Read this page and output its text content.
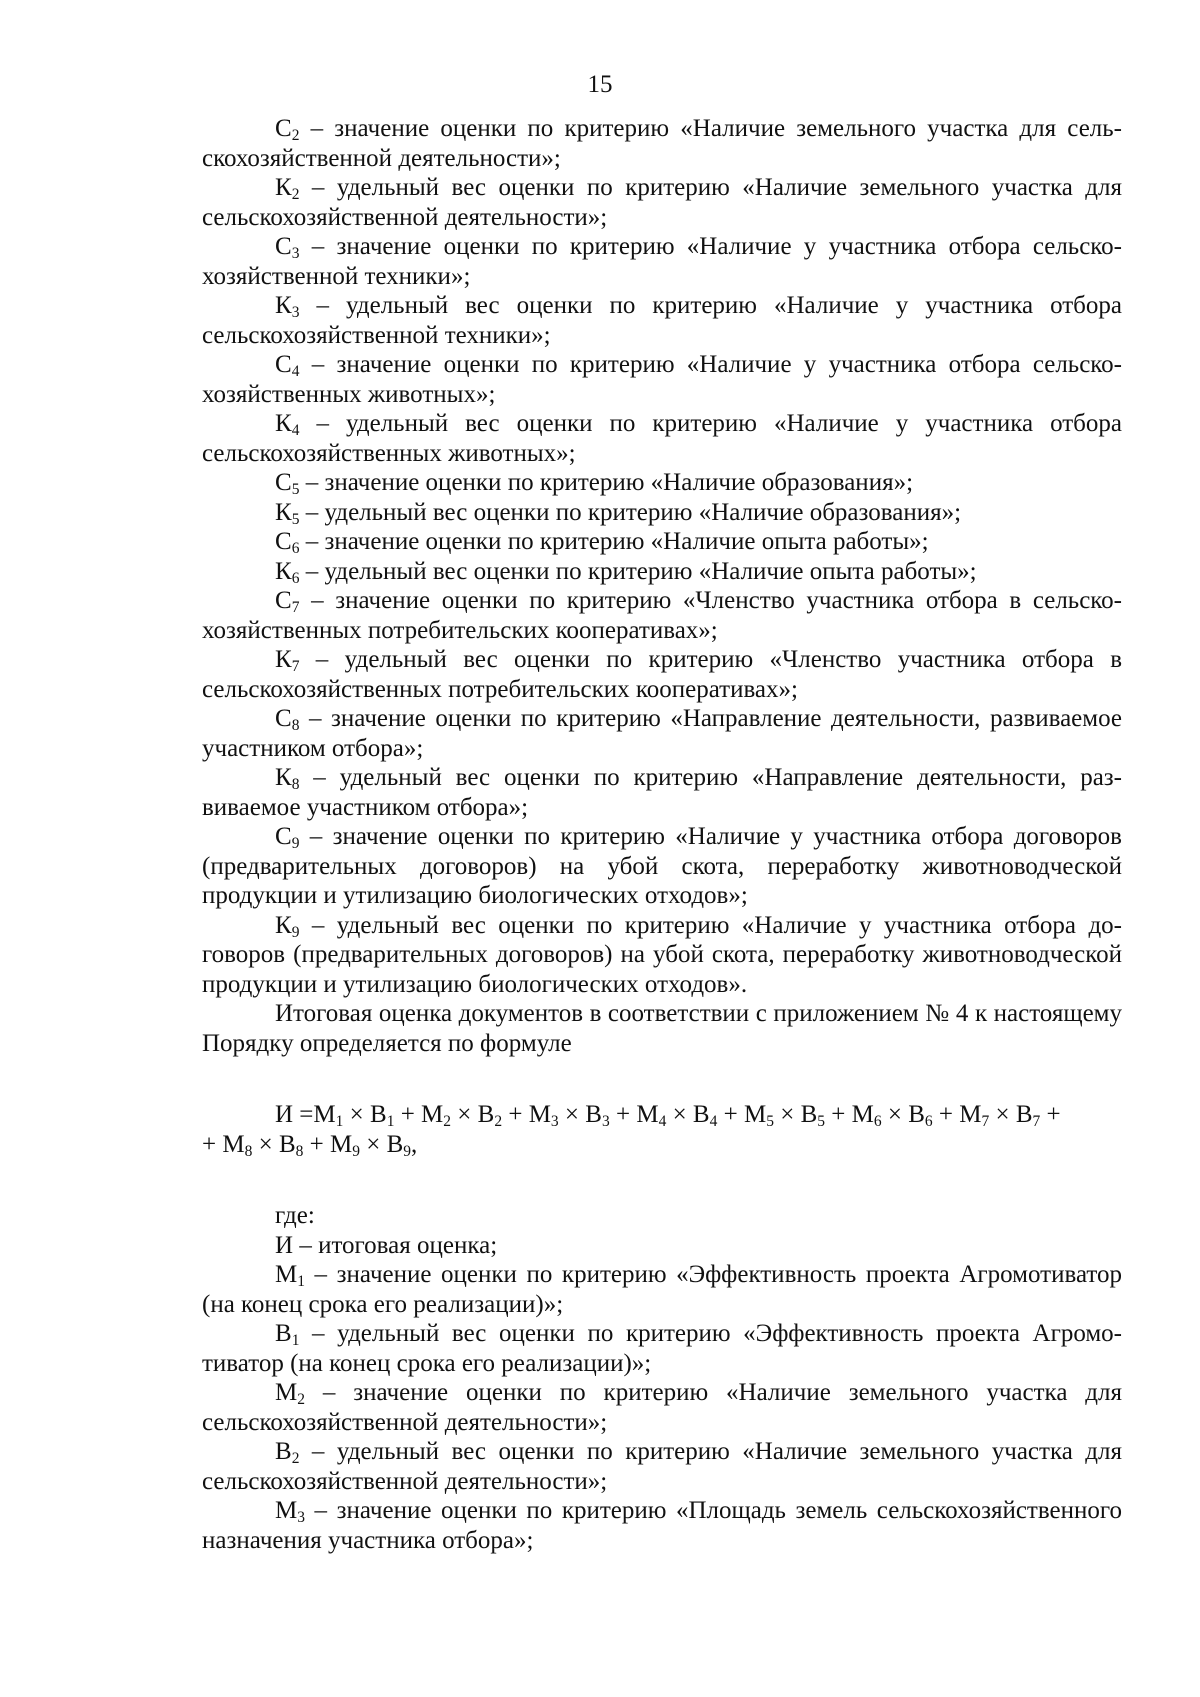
15

$С_2$ – значение оценки по критерию «Наличие земельного участка для сельскохозяйственной деятельности»;

$К_2$ – удельный вес оценки по критерию «Наличие земельного участка для сельскохозяйственной деятельности»;

$С_3$ – значение оценки по критерию «Наличие у участника отбора сельскохозяйственной техники»;

$К_3$ – удельный вес оценки по критерию «Наличие у участника отбора сельскохозяйственной техники»;

$С_4$ – значение оценки по критерию «Наличие у участника отбора сельскохозяйственных животных»;

$К_4$ – удельный вес оценки по критерию «Наличие у участника отбора сельскохозяйственных животных»;

$С_5$ – значение оценки по критерию «Наличие образования»;

$К_5$ – удельный вес оценки по критерию «Наличие образования»;

$С_6$ – значение оценки по критерию «Наличие опыта работы»;

$К_6$ – удельный вес оценки по критерию «Наличие опыта работы»;

$С_7$ – значение оценки по критерию «Членство участника отбора в сельскохозяйственных потребительских кооперативах»;

$К_7$ – удельный вес оценки по критерию «Членство участника отбора в сельскохозяйственных потребительских кооперативах»;

$С_8$ – значение оценки по критерию «Направление деятельности, развиваемое участником отбора»;

$К_8$ – удельный вес оценки по критерию «Направление деятельности, развиваемое участником отбора»;

$С_9$ – значение оценки по критерию «Наличие у участника отбора договоров (предварительных договоров) на убой скота, переработку животноводческой продукции и утилизацию биологических отходов»;

$К_9$ – удельный вес оценки по критерию «Наличие у участника отбора договоров (предварительных договоров) на убой скота, переработку животноводческой продукции и утилизацию биологических отходов».

Итоговая оценка документов в соответствии с приложением № 4 к настоящему Порядку определяется по формуле

$И = М_1 \times В_1 + М_2 \times В_2 + М_3 \times В_3 + М_4 \times В_4 + М_5 \times В_5 + М_6 \times В_6 + М_7 \times В_7$ +
+ $М_8 \times В_8 + М_9 \times В_9$,

где:

И – итоговая оценка;

$М_1$ – значение оценки по критерию «Эффективность проекта Агромотиватор (на конец срока его реализации)»;

$В_1$ – удельный вес оценки по критерию «Эффективность проекта Агромотиватор (на конец срока его реализации)»;

$М_2$ – значение оценки по критерию «Наличие земельного участка для сельскохозяйственной деятельности»;

$В_2$ – удельный вес оценки по критерию «Наличие земельного участка для сельскохозяйственной деятельности»;

$М_3$ – значение оценки по критерию «Площадь земель сельскохозяйственного назначения участника отбора»;
